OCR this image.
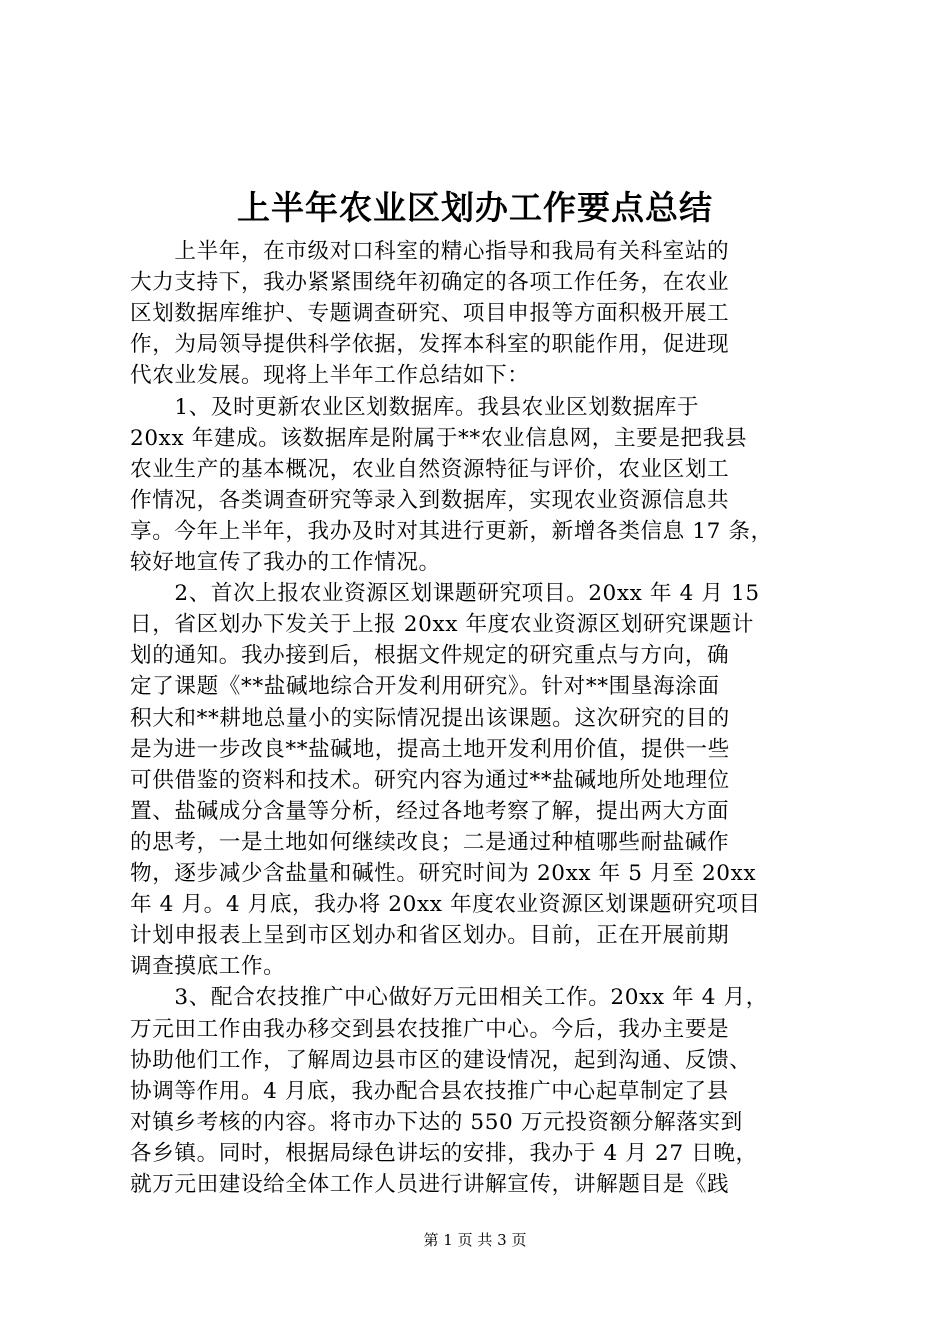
上半年农业区划办工作要点总结
　　上半年，在市级对口科室的精心指导和我局有关科室站的
大力支持下，我办紧紧围绕年初确定的各项工作任务，在农业
区划数据库维护、专题调查研究、项目申报等方面积极开展工
作，为局领导提供科学依据，发挥本科室的职能作用，促进现
代农业发展。现将上半年工作总结如下：
　　1、及时更新农业区划数据库。我县农业区划数据库于
20xx 年建成。该数据库是附属于**农业信息网，主要是把我县
农业生产的基本概况，农业自然资源特征与评价，农业区划工
作情况，各类调查研究等录入到数据库，实现农业资源信息共
享。今年上半年，我办及时对其进行更新，新增各类信息 17 条，
较好地宣传了我办的工作情况。
　　2、首次上报农业资源区划课题研究项目。20xx 年 4 月 15
日，省区划办下发关于上报 20xx 年度农业资源区划研究课题计
划的通知。我办接到后，根据文件规定的研究重点与方向，确
定了课题《**盐碱地综合开发利用研究》。针对**围垦海涂面
积大和**耕地总量小的实际情况提出该课题。这次研究的目的
是为进一步改良**盐碱地，提高土地开发利用价值，提供一些
可供借鉴的资料和技术。研究内容为通过**盐碱地所处地理位
置、盐碱成分含量等分析，经过各地考察了解，提出两大方面
的思考，一是土地如何继续改良；二是通过种植哪些耐盐碱作
物，逐步减少含盐量和碱性。研究时间为 20xx 年 5 月至 20xx
年 4 月。4 月底，我办将 20xx 年度农业资源区划课题研究项目
计划申报表上呈到市区划办和省区划办。目前，正在开展前期
调查摸底工作。
　　3、配合农技推广中心做好万元田相关工作。20xx 年 4 月，
万元田工作由我办移交到县农技推广中心。今后，我办主要是
协助他们工作，了解周边县市区的建设情况，起到沟通、反馈、
协调等作用。4 月底，我办配合县农技推广中心起草制定了县
对镇乡考核的内容。将市办下达的 550 万元投资额分解落实到
各乡镇。同时，根据局绿色讲坛的安排，我办于 4 月 27 日晚，
就万元田建设给全体工作人员进行讲解宣传，讲解题目是《践
第 1 页 共 3 页
